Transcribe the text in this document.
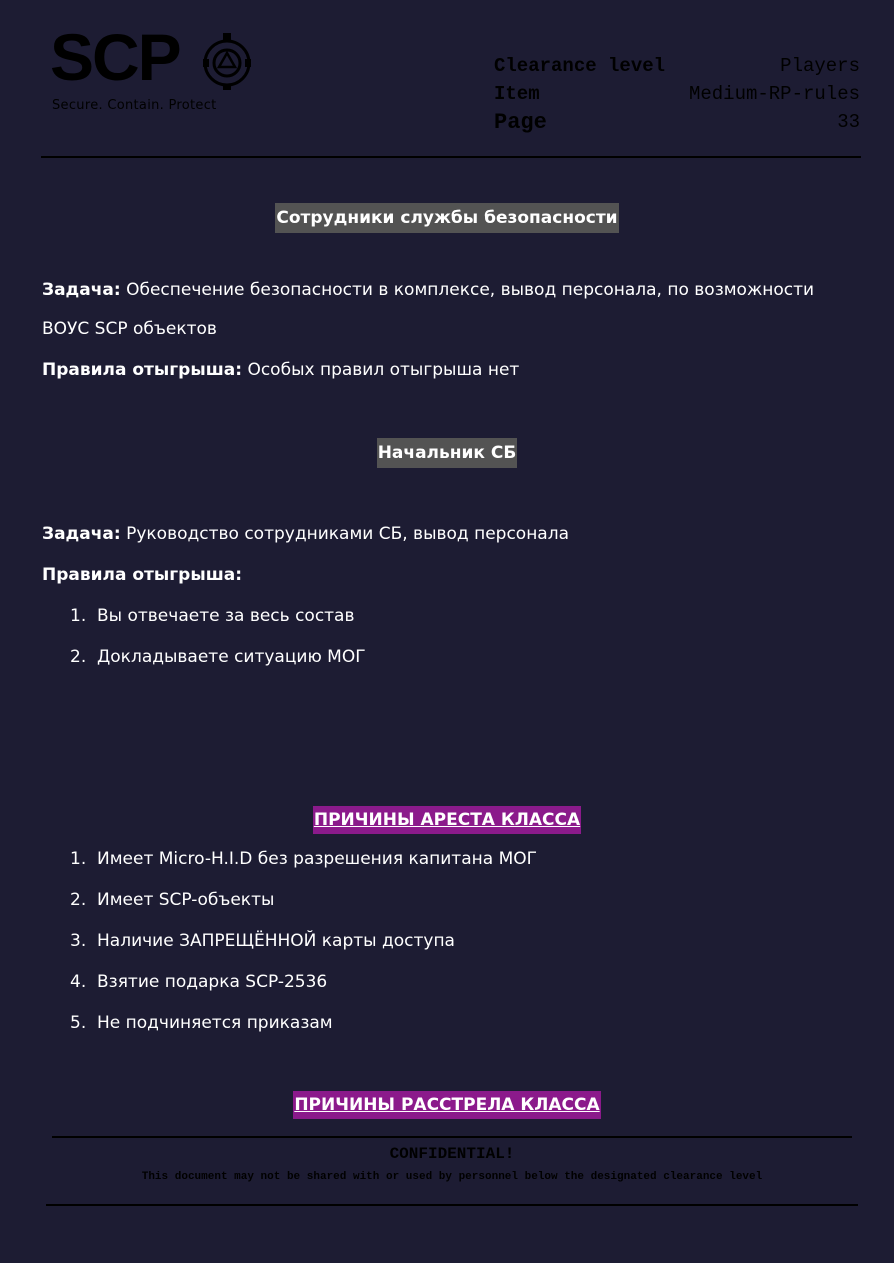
SCP
Secure. Contain. Protect
Clearance level	Players
Item	Medium-RP-rules
Page	33
Сотрудники службы безопасности
Задача: Обеспечение безопасности в комплексе, вывод персонала, по возможности
ВОУС SCP объектов
Правила отыгрыша: Особых правил отыгрыша нет
Начальник СБ
Задача: Руководство сотрудниками СБ, вывод персонала
Правила отыгрыша:
1. Вы отвечаете за весь состав
2. Докладываете ситуацию МОГ
ПРИЧИНЫ АРЕСТА КЛАССА
1. Имеет Micro-H.I.D без разрешения капитана МОГ
2. Имеет SCP-объекты
3. Наличие ЗАПРЕЩЁННОЙ карты доступа
4. Взятие подарка SCP-2536
5. Не подчиняется приказам
ПРИЧИНЫ РАССТРЕЛА КЛАССА
CONFIDENTIAL!
This document may not be shared with or used by personnel below the designated clearance level
